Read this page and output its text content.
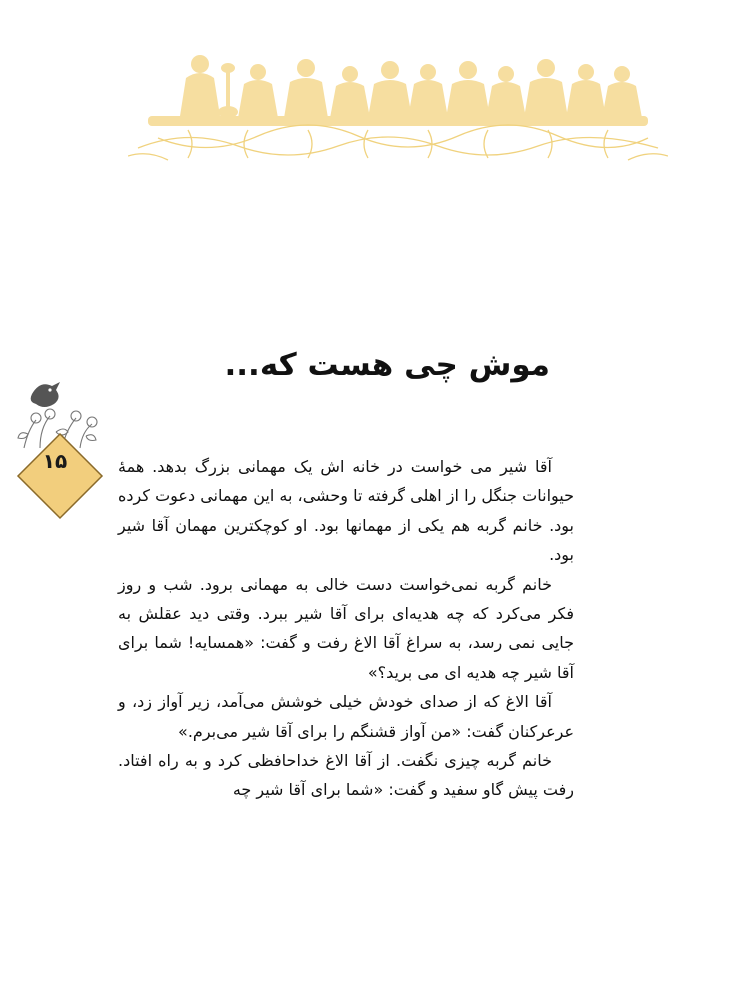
موش چی هست که...
۱۵	آقا شیر می خواست در خانه اش یک مهمانی بزرگ بدهد. همهٔ حیوانات جنگل را از اهلی گرفته تا وحشی، به این مهمانی دعوت کرده بود. خانم گربه هم یکی از مهمانها بود. او کوچکترین مهمان آقا شیر بود.

خانم گربه نمی‌خواست دست خالی به مهمانی برود. شب و روز فکر می‌کرد که چه هدیه‌ای برای آقا شیر ببرد. وقتی دید عقلش به جایی نمی رسد، به سراغ آقا الاغ رفت و گفت: «همسایه! شما برای آقا شیر چه هدیه ای می برید؟»

آقا الاغ که از صدای خودش خیلی خوشش می‌آمد، زیر آواز زد، و عرعرکنان گفت: «من آواز قشنگم را برای آقا شیر می‌برم.»

خانم گربه چیزی نگفت. از آقا الاغ خداحافظی کرد و به راه افتاد. رفت پیش گاو سفید و گفت: «شما برای آقا شیر چه
